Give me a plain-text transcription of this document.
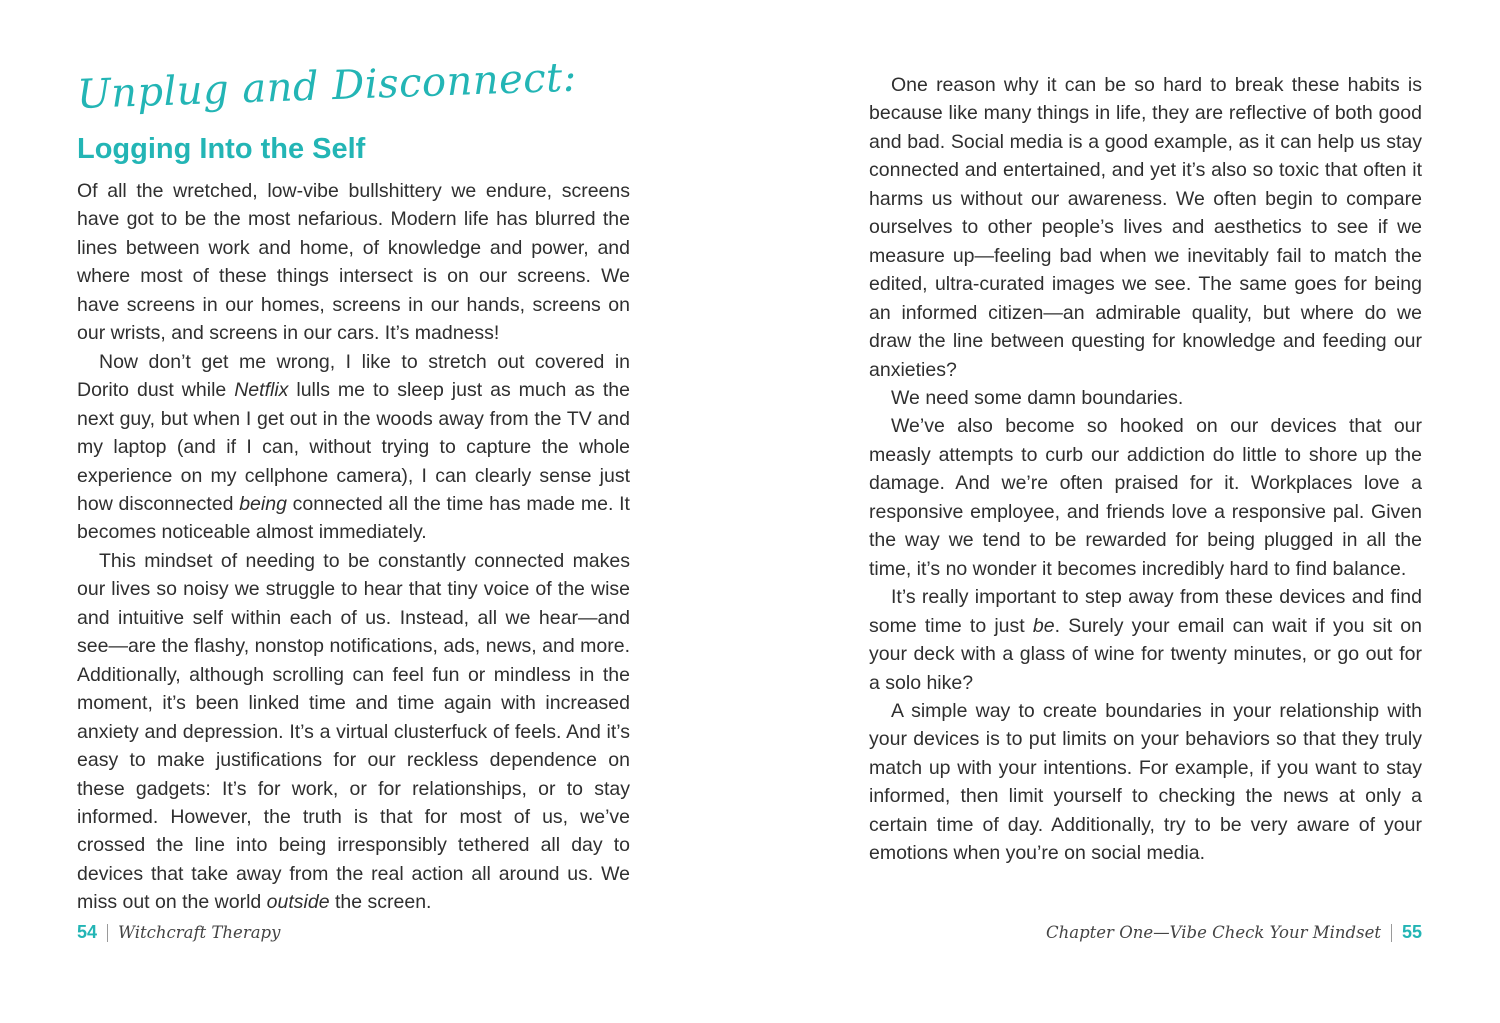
Unplug and Disconnect:
Logging Into the Self

Of all the wretched, low-vibe bullshittery we endure, screens have got to be the most nefarious. Modern life has blurred the lines between work and home, of knowledge and power, and where most of these things intersect is on our screens. We have screens in our homes, screens in our hands, screens on our wrists, and screens in our cars. It’s madness!

Now don’t get me wrong, I like to stretch out covered in Dorito dust while Netflix lulls me to sleep just as much as the next guy, but when I get out in the woods away from the TV and my laptop (and if I can, without trying to capture the whole experience on my cellphone camera), I can clearly sense just how disconnected being connected all the time has made me. It becomes noticeable almost immediately.

This mindset of needing to be constantly connected makes our lives so noisy we struggle to hear that tiny voice of the wise and intuitive self within each of us. Instead, all we hear—and see—are the flashy, nonstop notifications, ads, news, and more. Additionally, although scrolling can feel fun or mindless in the moment, it’s been linked time and time again with increased anxiety and depression. It’s a virtual clusterfuck of feels. And it’s easy to make justifications for our reckless dependence on these gadgets: It’s for work, or for relationships, or to stay informed. However, the truth is that for most of us, we’ve crossed the line into being irresponsibly tethered all day to devices that take away from the real action all around us. We miss out on the world outside the screen.

54 Witchcraft Therapy

One reason why it can be so hard to break these habits is because like many things in life, they are reflective of both good and bad. Social media is a good example, as it can help us stay connected and entertained, and yet it’s also so toxic that often it harms us without our awareness. We often begin to compare ourselves to other people’s lives and aesthetics to see if we measure up—feeling bad when we inevitably fail to match the edited, ultra-curated images we see. The same goes for being an informed citizen—an admirable quality, but where do we draw the line between questing for knowledge and feeding our anxieties?

We need some damn boundaries.

We’ve also become so hooked on our devices that our measly attempts to curb our addiction do little to shore up the damage. And we’re often praised for it. Workplaces love a responsive employee, and friends love a responsive pal. Given the way we tend to be rewarded for being plugged in all the time, it’s no wonder it becomes incredibly hard to find balance.

It’s really important to step away from these devices and find some time to just be. Surely your email can wait if you sit on your deck with a glass of wine for twenty minutes, or go out for a solo hike?

A simple way to create boundaries in your relationship with your devices is to put limits on your behaviors so that they truly match up with your intentions. For example, if you want to stay informed, then limit yourself to checking the news at only a certain time of day. Additionally, try to be very aware of your emotions when you’re on social media.

Chapter One—Vibe Check Your Mindset 55
